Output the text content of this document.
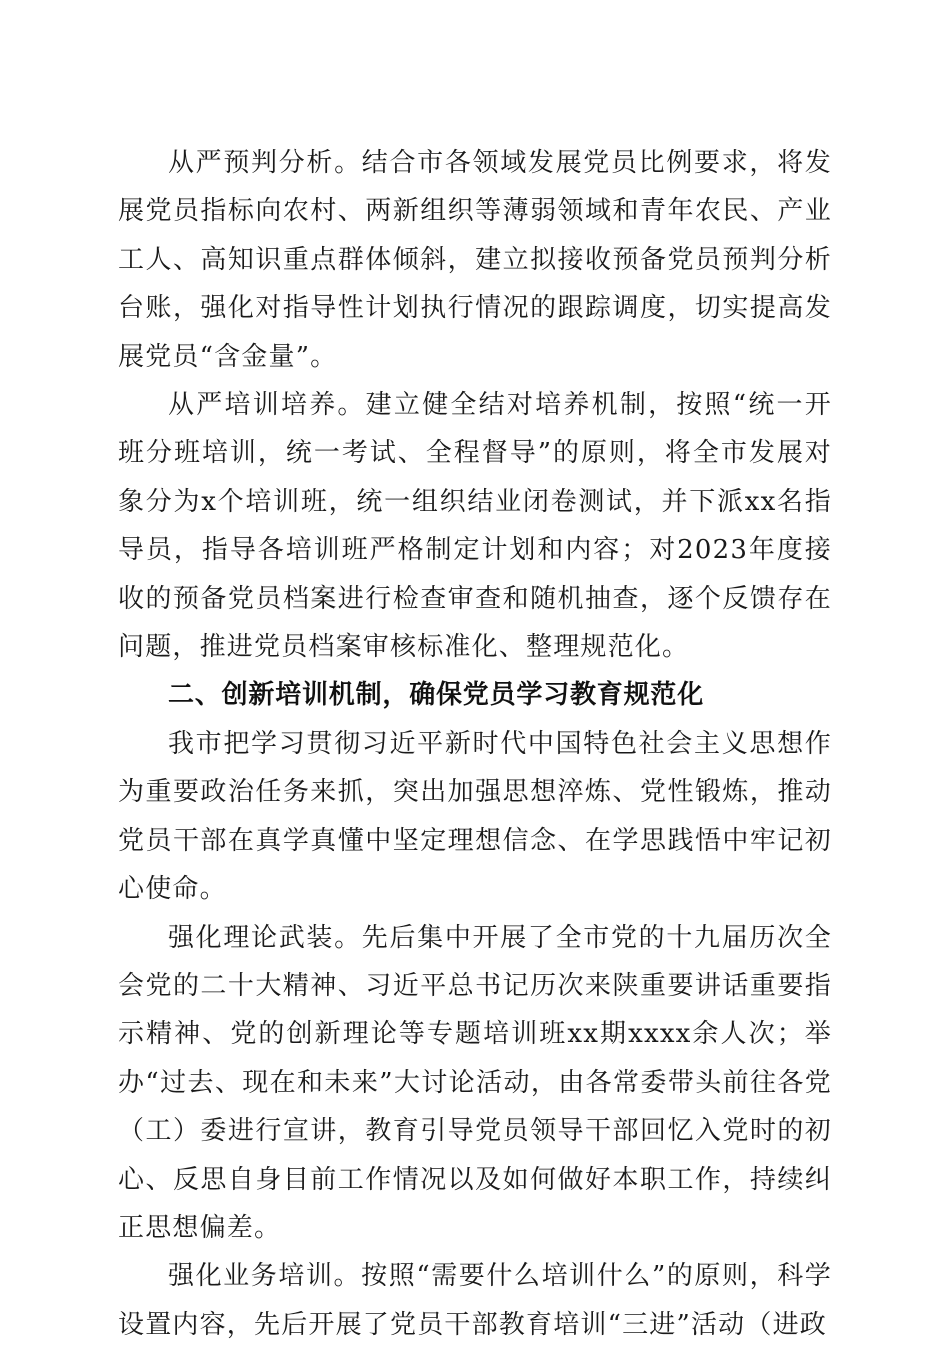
从严预判分析。结合市各领域发展党员比例要求，将发展党员指标向农村、两新组织等薄弱领域和青年农民、产业工人、高知识重点群体倾斜，建立拟接收预备党员预判分析台账，强化对指导性计划执行情况的跟踪调度，切实提高发展党员“含金量”。

从严培训培养。建立健全结对培养机制，按照“统一开班分班培训，统一考试、全程督导”的原则，将全市发展对象分为x个培训班，统一组织结业闭卷测试，并下派xx名指导员，指导各培训班严格制定计划和内容；对2023年度接收的预备党员档案进行检查审查和随机抽查，逐个反馈存在问题，推进党员档案审核标准化、整理规范化。

二、创新培训机制，确保党员学习教育规范化

我市把学习贯彻习近平新时代中国特色社会主义思想作为重要政治任务来抓，突出加强思想淬炼、党性锻炼，推动党员干部在真学真懂中坚定理想信念、在学思践悟中牢记初心使命。

强化理论武装。先后集中开展了全市党的十九届历次全会党的二十大精神、习近平总书记历次来陕重要讲话重要指示精神、党的创新理论等专题培训班xx期xxxx余人次；举办“过去、现在和未来”大讨论活动，由各常委带头前往各党（工）委进行宣讲，教育引导党员领导干部回忆入党时的初心、反思自身目前工作情况以及如何做好本职工作，持续纠正思想偏差。

强化业务培训。按照“需要什么培训什么”的原则，科学设置内容，先后开展了党员干部教育培训“三进”活动（进政
